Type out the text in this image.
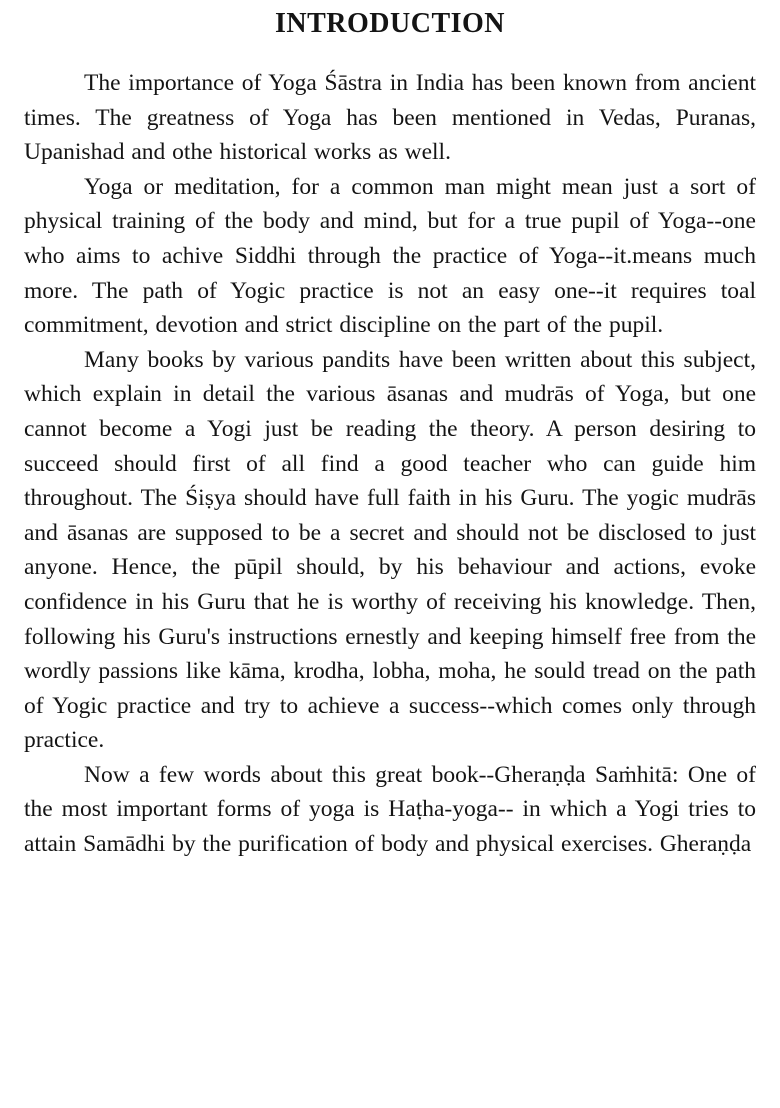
INTRODUCTION

The importance of Yoga Śāstra in India has been known from ancient times. The greatness of Yoga has been mentioned in Vedas, Puranas, Upanishad and othe historical works as well.

Yoga or meditation, for a common man might mean just a sort of physical training of the body and mind, but for a true pupil of Yoga--one who aims to achive Siddhi through the practice of Yoga--it.means much more. The path of Yogic practice is not an easy one--it requires toal commitment, devotion and strict discipline on the part of the pupil.

Many books by various pandits have been written about this subject, which explain in detail the various āsanas and mudrās of Yoga, but one cannot become a Yogi just be reading the theory. A person desiring to succeed should first of all find a good teacher who can guide him throughout. The Śiṣya should have full faith in his Guru. The yogic mudrās and āsanas are supposed to be a secret and should not be disclosed to just anyone. Hence, the pūpil should, by his behaviour and actions, evoke confidence in his Guru that he is worthy of receiving his knowledge. Then, following his Guru's instructions ernestly and keeping himself free from the wordly passions like kāma, krodha, lobha, moha, he sould tread on the path of Yogic practice and try to achieve a success--which comes only through practice.

Now a few words about this great book--Gheraṇḍa Saṁhitā: One of the most important forms of yoga is Haṭha-yoga-- in which a Yogi tries to attain Samādhi by the purification of body and physical exercises. Gheraṇḍa
